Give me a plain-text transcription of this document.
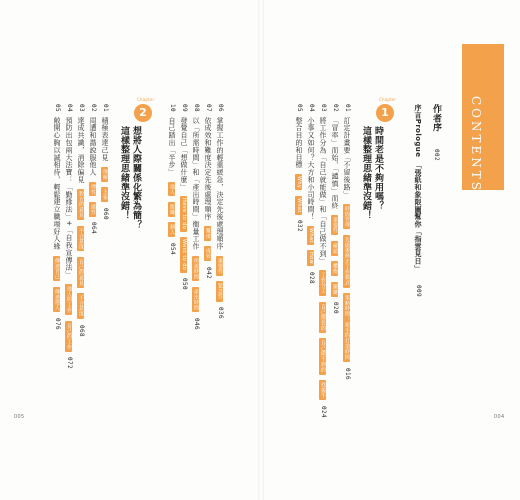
CONTENTS
作者序 002
序言Prologue　「張紙和象限圖幫你「指雲見日」 009
1
Chapter
時間老是不夠用嗎？
這樣整理思緒準沒錯！
01 訂定計畫要「不留後路」 時間管理 先做後修正工作模式 策略時間：新手的打造時間 016
02 「冒率」而始，「譴慎」而終 重要性 確認 權衡 關鍵 020
03 將工作分為「自己就能做」和「自己做不到」 工作分工 自己擅長的 自己做不到的 找援手 024
04 小事又如何？大方和小司時間！ What How 028
05 整合目的和目標 Why What 032
06 掌握工作的輕重緩急，決定先後處理順序 重要性 緊急性 036
07 依成效和難度決定先後處理順序 難度 成效 042
08 以「所需時間」和「產出時間」衡量工作 所需時間 產出時間 046
09 發覺自己「想做什麼」 Have to do Want to do 050
10 自己踏出「半步」 他人 組織 個人 054
2
Chapter
想將人際關係化繁為簡？
這樣整理思緒準沒錯！
01 積極表達己見 理解 主張 060
02 周遭和諧說服他人 理性 感性 064
03 達成共識，消除偏見 對方的意見 不合意度 自己的意見 不合意度 068
04 預防出包兩大法寶：「勤緣法」+「自我宣傳法」 他人的工作 自己的工作 072
05 敞開心胸以誠相待，輕鬆建立職場好人緣 傳達自己 傳達他人 076
005	004
